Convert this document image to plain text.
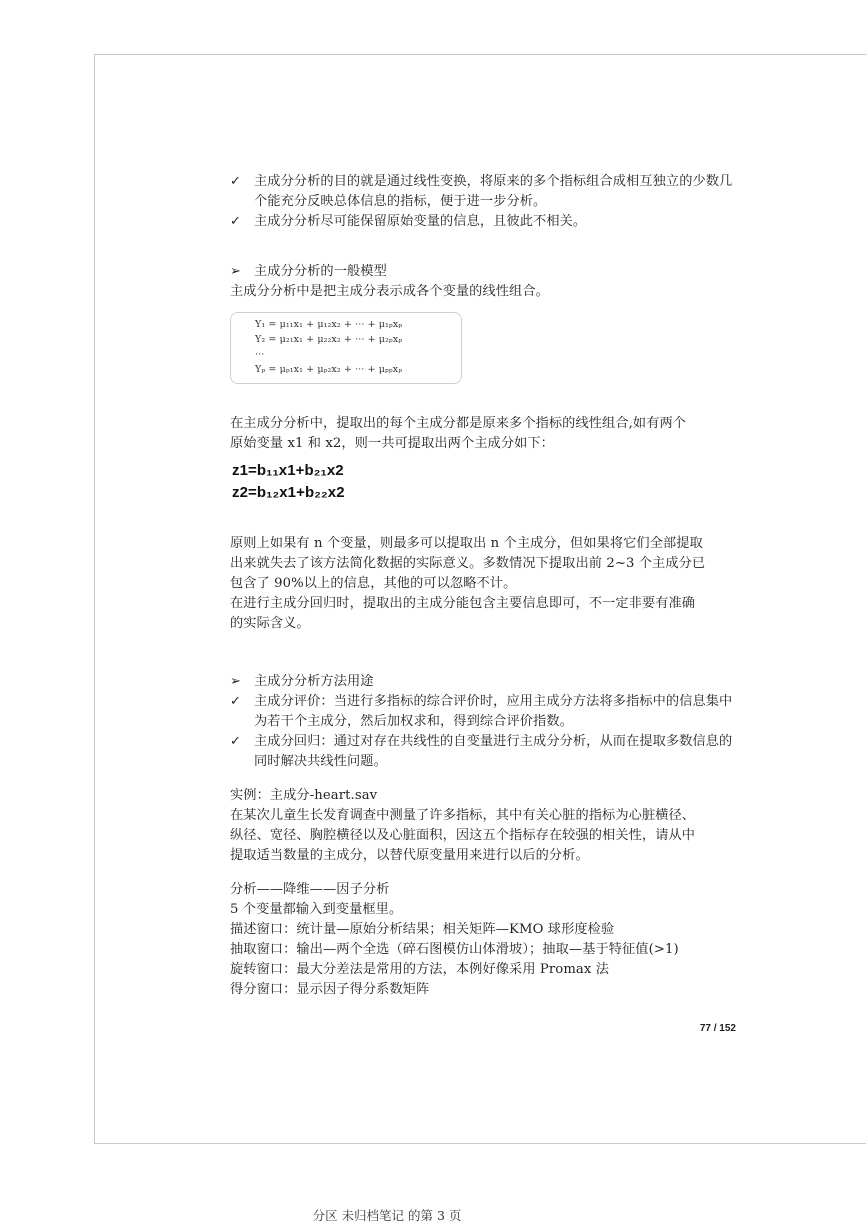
✓ 主成分分析的目的就是通过线性变换，将原来的多个指标组合成相互独立的少数几个能充分反映总体信息的指标，便于进一步分析。
✓ 主成分分析尽可能保留原始变量的信息，且彼此不相关。
➢ 主成分分析的一般模型
主成分分析中是把主成分表示成各个变量的线性组合。
Y₁ = μ₁₁x₁ + μ₁₂x₂ + ··· + μ₁ₚxₚ
Y₂ = μ₂₁x₁ + μ₂₂x₂ + ··· + μ₂ₚxₚ
···
Yₚ = μₚ₁x₁ + μₚ₂x₂ + ··· + μₚₚxₚ
在主成分分析中，提取出的每个主成分都是原来多个指标的线性组合,如有两个
原始变量 x1 和 x2，则一共可提取出两个主成分如下：
z1=b₁₁x1+b₂₁x2
z2=b₁₂x1+b₂₂x2
原则上如果有 n 个变量，则最多可以提取出 n 个主成分，但如果将它们全部提取
出来就失去了该方法简化数据的实际意义。多数情况下提取出前 2~3 个主成分已
包含了 90%以上的信息，其他的可以忽略不计。
在进行主成分回归时，提取出的主成分能包含主要信息即可，不一定非要有准确
的实际含义。
➢ 主成分分析方法用途
✓ 主成分评价：当进行多指标的综合评价时，应用主成分方法将多指标中的信息集中为若干个主成分，然后加权求和，得到综合评价指数。
✓ 主成分回归：通过对存在共线性的自变量进行主成分分析，从而在提取多数信息的同时解决共线性问题。
实例：主成分-heart.sav
在某次儿童生长发育调查中测量了许多指标，其中有关心脏的指标为心脏横径、
纵径、宽径、胸腔横径以及心脏面积，因这五个指标存在较强的相关性，请从中
提取适当数量的主成分，以替代原变量用来进行以后的分析。
分析——降维——因子分析
5 个变量都输入到变量框里。
描述窗口：统计量—原始分析结果；相关矩阵—KMO 球形度检验
抽取窗口：输出—两个全选（碎石图模仿山体滑坡）；抽取—基于特征值(>1)
旋转窗口：最大分差法是常用的方法，本例好像采用 Promax 法
得分窗口：显示因子得分系数矩阵
77 / 152
分区 未归档笔记 的第 3 页
